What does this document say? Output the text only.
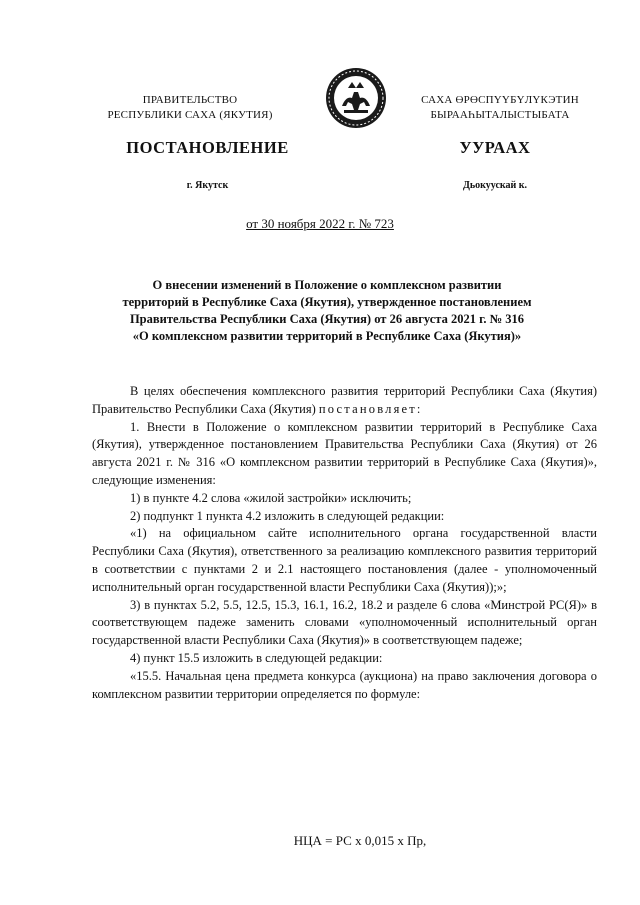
ПРАВИТЕЛЬСТВО
РЕСПУБЛИКИ САХА (ЯКУТИЯ)
САХА ӨРӨСПҮҮБҮЛҮКЭТИН
БЫРААҺЫТАЛЫСТЫБАТА
ПОСТАНОВЛЕНИЕ	УУРААХ
г. Якутск	Дьокуускай к.
от 30 ноября 2022 г. № 723
О внесении изменений в Положение о комплексном развитии
территорий в Республике Саха (Якутия), утвержденное постановлением
Правительства Республики Саха (Якутия) от 26 августа 2021 г. № 316
«О комплексном развитии территорий в Республике Саха (Якутия)»

В целях обеспечения комплексного развития территорий Республики Саха (Якутия) Правительство Республики Саха (Якутия) постановляет:

1. Внести в Положение о комплексном развитии территорий в Республике Саха (Якутия), утвержденное постановлением Правительства Республики Саха (Якутия) от 26 августа 2021 г. № 316 «О комплексном развитии территорий в Республике Саха (Якутия)», следующие изменения:

1) в пункте 4.2 слова «жилой застройки» исключить;

2) подпункт 1 пункта 4.2 изложить в следующей редакции:

«1) на официальном сайте исполнительного органа государственной власти Республики Саха (Якутия), ответственного за реализацию комплексного развития территорий в соответствии с пунктами 2 и 2.1 настоящего постановления (далее - уполномоченный исполнительный орган государственной власти Республики Саха (Якутия));»;

3) в пунктах 5.2, 5.5, 12.5, 15.3, 16.1, 16.2, 18.2 и разделе 6 слова «Минстрой РС(Я)» в соответствующем падеже заменить словами «уполномоченный исполнительный орган государственной власти Республики Саха (Якутия)» в соответствующем падеже;

4) пункт 15.5 изложить в следующей редакции:

«15.5. Начальная цена предмета конкурса (аукциона) на право заключения договора о комплексном развитии территории определяется по формуле:

НЦА = РС х 0,015 х Пр,
